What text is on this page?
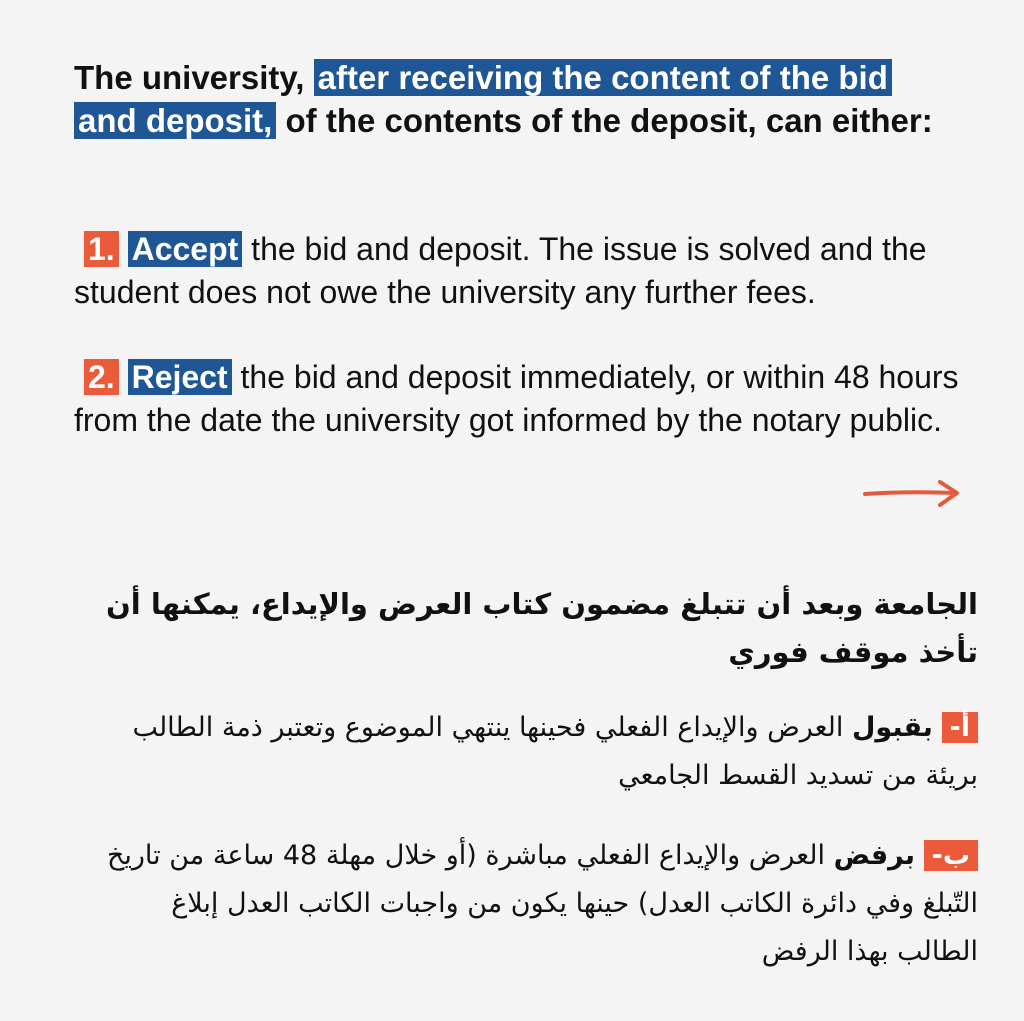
The university, after receiving the content of the bid
and deposit, of the contents of the deposit, can either:

1. Accept the bid and deposit. The issue is solved and the student does not owe the university any further fees.

2. Reject the bid and deposit immediately, or within 48 hours from the date the university got informed by the notary public.

الجامعة وبعد أن تتبلغ مضمون كتاب العرض والإيداع، يمكنها أن تأخذ موقف فوري

أ- بقبول العرض والإيداع الفعلي فحينها ينتهي الموضوع وتعتبر ذمة الطالب بريئة من تسديد القسط الجامعي

ب- برفض العرض والإيداع الفعلي مباشرة (أو خلال مهلة 48 ساعة من تاريخ التّبلغ وفي دائرة الكاتب العدل) حينها يكون من واجبات الكاتب العدل إبلاغ الطالب بهذا الرفض
